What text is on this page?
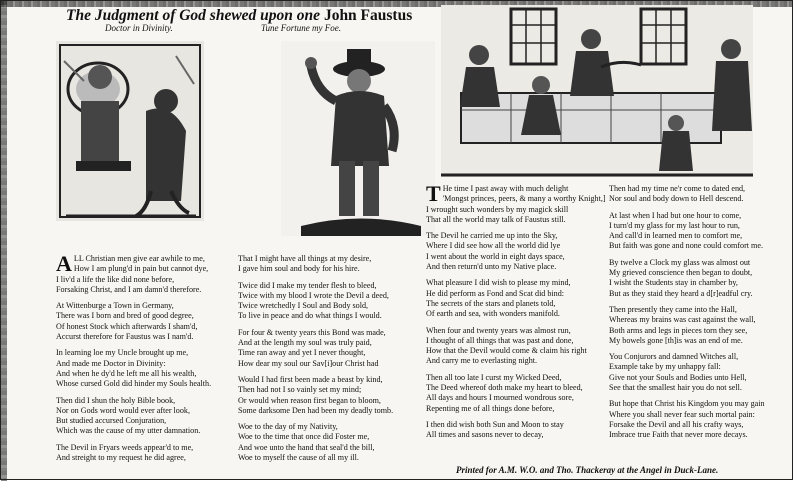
The Judgment of God shewed upon one John Faustus
Doctor in Divinity.	Tune Fortune my Foe.

A LL Christian men give ear awhile to me,
How I am plung'd in pain but cannot dye,
I liv'd a life the like did none before,
Forsaking Christ, and I am damn'd therefore.

At Wittenburge a Town in Germany,
There was I born and bred of good degree,
Of honest Stock which afterwards I sham'd,
Accurst therefore for Faustus was I nam'd.

In learning loe my Uncle brought up me,
And made me Doctor in Divinity:
And when he dy'd he left me all his wealth,
Whose cursed Gold did hinder my Souls health.

Then did I shun the holy Bible book,
Nor on Gods word would ever after look,
But studied accursed Conjuration,
Which was the cause of my utter damnation.

The Devil in Fryars weeds appear'd to me,
And streight to my request he did agree,

That I might have all things at my desire,
I gave him soul and body for his hire.

Twice did I make my tender flesh to bleed,
Twice with my blood I wrote the Devil a deed,
Twice wretchedly I Soul and Body sold,
To live in peace and do what things I would.

For four & twenty years this Bond was made,
And at the length my soul was truly paid,
Time ran away and yet I never thought,
How dear my soul our Sav[i]our Christ had

Would I had first been made a beast by kind,
Then had not I so vainly set my mind;
Or would when reason first began to bloom,
Some darksome Den had been my deadly tomb.

Woe to the day of my Nativity,
Woe to the time that once did Foster me,
And woe unto the hand that seal'd the bill,
Woe to myself the cause of all my ill.

T He time I past away with much delight
'Mongst princes, peers, & many a worthy Knight,]
I wrought such wonders by my magick skill
That all the world may talk of Faustus still.

The Devil he carried me up into the Sky,
Where I did see how all the world did lye
I went about the world in eight days space,
And then return'd unto my Native place.

What pleasure I did wish to please my mind,
He did perform as Fond and Scat did bind:
The secrets of the stars and planets told,
Of earth and sea, with wonders manifold.

When four and twenty years was almost run,
I thought of all things that was past and done,
How that the Devil would come & claim his right
And carry me to everlasting night.

Then all too late I curst my Wicked Deed,
The Deed whereof doth make my heart to bleed,
All days and hours I mourned wondrous sore,
Repenting me of all things done before,

I then did wish both Sun and Moon to stay
All times and sasons never to decay,

Then had my time ne'r come to dated end,
Nor soul and body down to Hell descend.

At last when I had but one hour to come,
I turn'd my glass for my last hour to run,
And call'd in learned men to comfort me,
But faith was gone and none could comfort me.

By twelve a Clock my glass was almost out
My grieved conscience then began to doubt,
I wisht the Students stay in chamber by,
But as they staid they heard a d[r]eadful cry.

Then presently they came into the Hall,
Whereas my brains was cast against the wall,
Both arms and legs in pieces torn they see,
My bowels gone [th]is was an end of me.

You Conjurors and damned Witches all,
Example take by my unhappy fall:
Give not your Souls and Bodies unto Hell,
See that the smallest hair you do not sell.

But hope that Christ his Kingdom you may gain
Where you shall never fear such mortal pain:
Forsake the Devil and all his crafty ways,
Imbrace true Faith that never more decays.

Printed for A.M. W.O. and Tho. Thackeray at the Angel in Duck-Lane.
